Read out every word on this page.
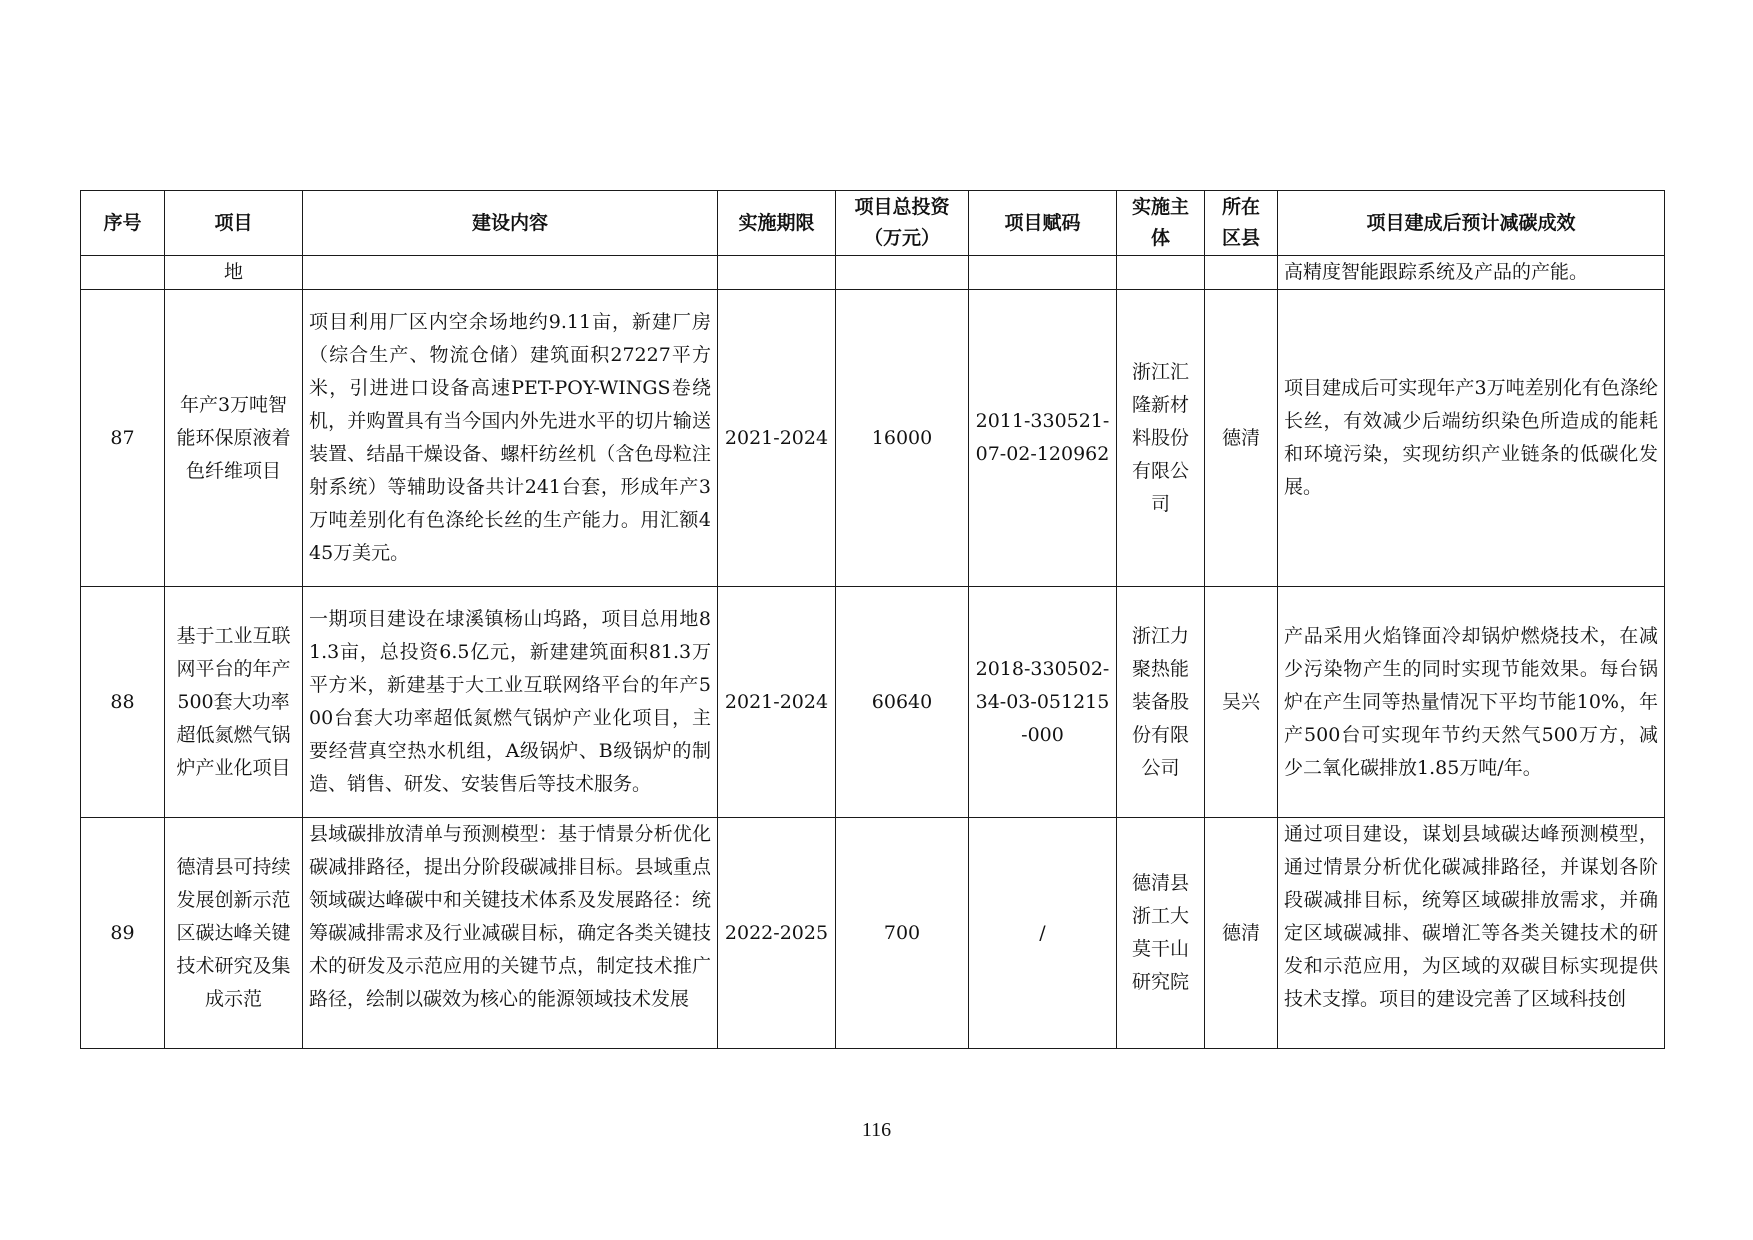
序号	项目	建设内容	实施期限	项目总投资（万元）	项目赋码	实施主体	所在区县	项目建成后预计减碳成效
	地							高精度智能跟踪系统及产品的产能。
87	年产3万吨智能环保原液着色纤维项目	项目利用厂区内空余场地约9.11亩，新建厂房（综合生产、物流仓储）建筑面积27227平方米，引进进口设备高速PET-POY-WINGS卷绕机，并购置具有当今国内外先进水平的切片输送装置、结晶干燥设备、螺杆纺丝机（含色母粒注射系统）等辅助设备共计241台套，形成年产3万吨差别化有色涤纶长丝的生产能力。用汇额445万美元。	2021-2024	16000	2011-330521-07-02-120962	浙江汇隆新材料股份有限公司	德清	项目建成后可实现年产3万吨差别化有色涤纶长丝，有效减少后端纺织染色所造成的能耗和环境污染，实现纺织产业链条的低碳化发展。
88	基于工业互联网平台的年产500套大功率超低氮燃气锅炉产业化项目	一期项目建设在埭溪镇杨山坞路，项目总用地81.3亩，总投资6.5亿元，新建建筑面积81.3万平方米，新建基于大工业互联网络平台的年产500台套大功率超低氮燃气锅炉产业化项目，主要经营真空热水机组，A级锅炉、B级锅炉的制造、销售、研发、安装售后等技术服务。	2021-2024	60640	2018-330502-34-03-051215-000	浙江力聚热能装备股份有限公司	吴兴	产品采用火焰锋面冷却锅炉燃烧技术，在减少污染物产生的同时实现节能效果。每台锅炉在产生同等热量情况下平均节能10%，年产500台可实现年节约天然气500万方，减少二氧化碳排放1.85万吨/年。
89	德清县可持续发展创新示范区碳达峰关键技术研究及集成示范	县域碳排放清单与预测模型：基于情景分析优化碳减排路径，提出分阶段碳减排目标。县域重点领域碳达峰碳中和关键技术体系及发展路径：统筹碳减排需求及行业减碳目标，确定各类关键技术的研发及示范应用的关键节点，制定技术推广路径，绘制以碳效为核心的能源领域技术发展	2022-2025	700	/	德清县浙工大莫干山研究院	德清	通过项目建设，谋划县域碳达峰预测模型，通过情景分析优化碳减排路径，并谋划各阶段碳减排目标，统筹区域碳排放需求，并确定区域碳减排、碳增汇等各类关键技术的研发和示范应用，为区域的双碳目标实现提供技术支撑。项目的建设完善了区域科技创
116
